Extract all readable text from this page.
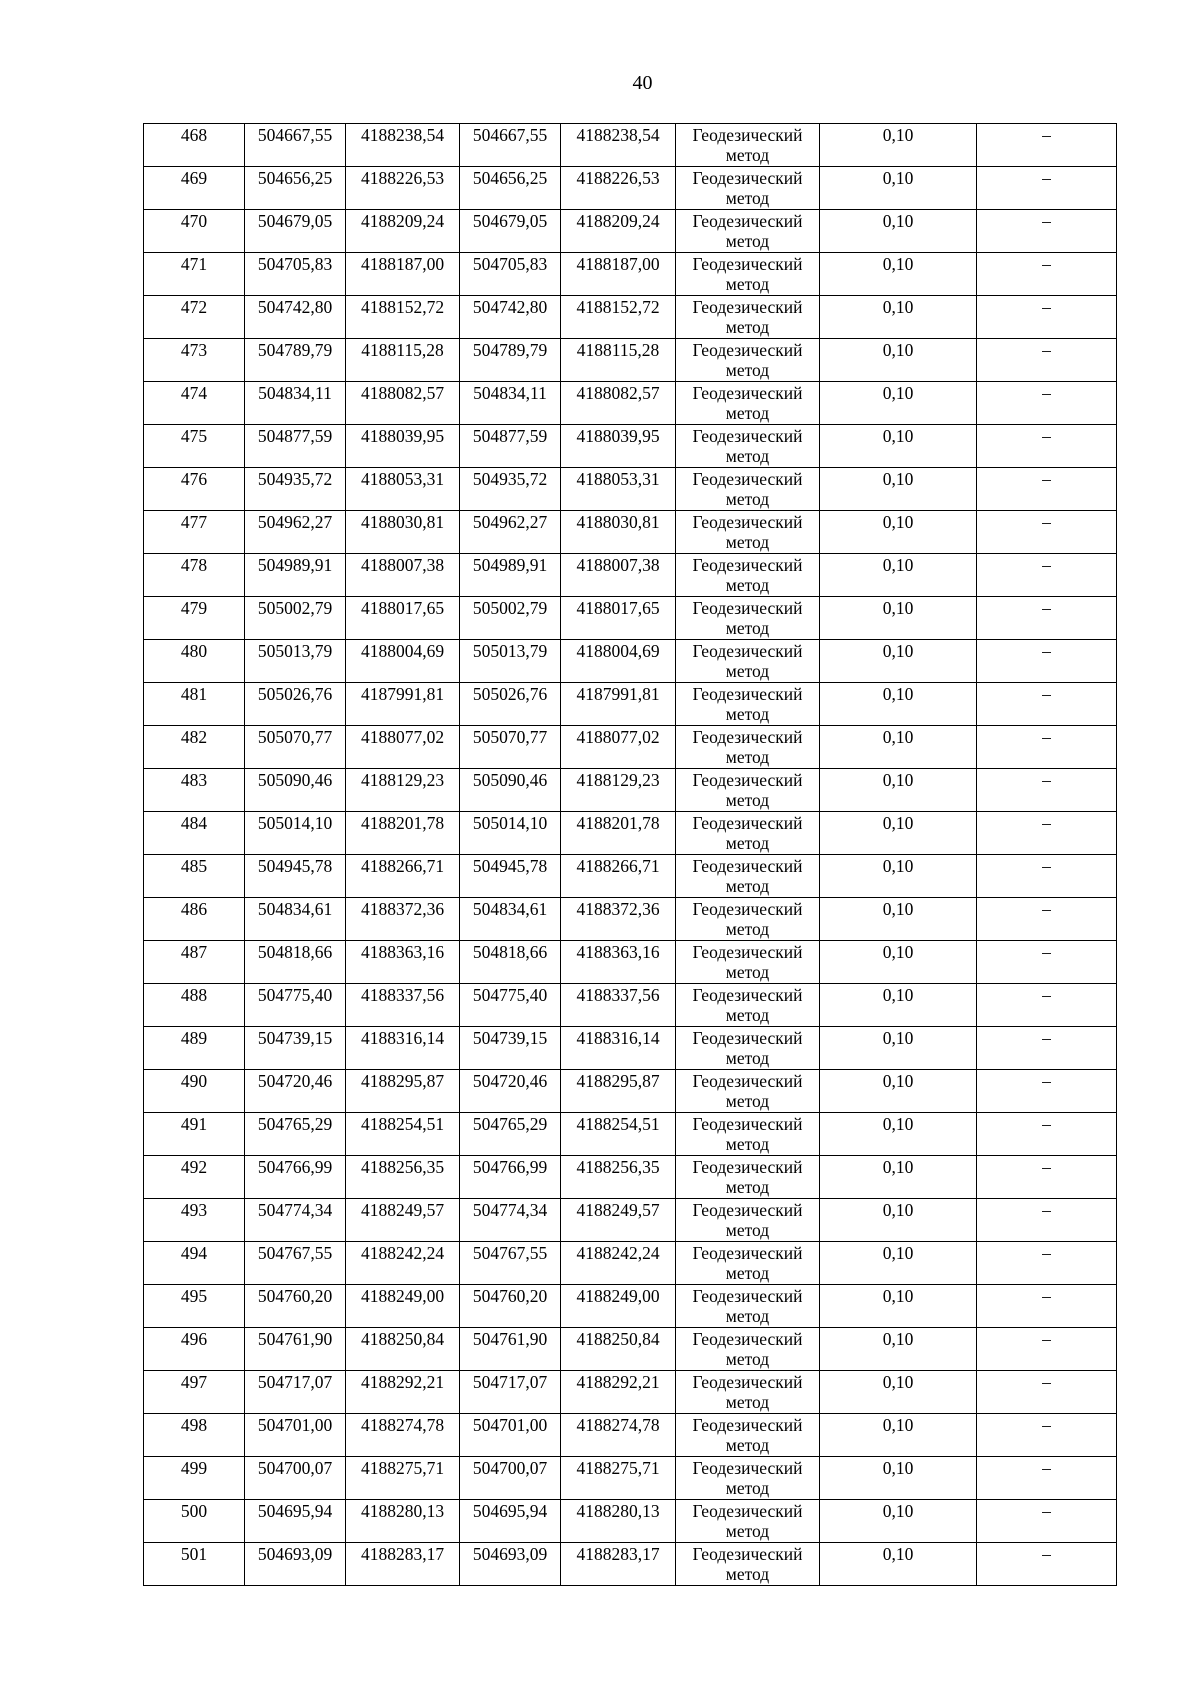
40
468	504667,55	4188238,54	504667,55	4188238,54	Геодезический метод	0,10	–

469	504656,25	4188226,53	504656,25	4188226,53	Геодезический метод	0,10	–

470	504679,05	4188209,24	504679,05	4188209,24	Геодезический метод	0,10	–

471	504705,83	4188187,00	504705,83	4188187,00	Геодезический метод	0,10	–

472	504742,80	4188152,72	504742,80	4188152,72	Геодезический метод	0,10	–

473	504789,79	4188115,28	504789,79	4188115,28	Геодезический метод	0,10	–

474	504834,11	4188082,57	504834,11	4188082,57	Геодезический метод	0,10	–

475	504877,59	4188039,95	504877,59	4188039,95	Геодезический метод	0,10	–

476	504935,72	4188053,31	504935,72	4188053,31	Геодезический метод	0,10	–

477	504962,27	4188030,81	504962,27	4188030,81	Геодезический метод	0,10	–

478	504989,91	4188007,38	504989,91	4188007,38	Геодезический метод	0,10	–

479	505002,79	4188017,65	505002,79	4188017,65	Геодезический метод	0,10	–

480	505013,79	4188004,69	505013,79	4188004,69	Геодезический метод	0,10	–

481	505026,76	4187991,81	505026,76	4187991,81	Геодезический метод	0,10	–

482	505070,77	4188077,02	505070,77	4188077,02	Геодезический метод	0,10	–

483	505090,46	4188129,23	505090,46	4188129,23	Геодезический метод	0,10	–

484	505014,10	4188201,78	505014,10	4188201,78	Геодезический метод	0,10	–

485	504945,78	4188266,71	504945,78	4188266,71	Геодезический метод	0,10	–

486	504834,61	4188372,36	504834,61	4188372,36	Геодезический метод	0,10	–

487	504818,66	4188363,16	504818,66	4188363,16	Геодезический метод	0,10	–

488	504775,40	4188337,56	504775,40	4188337,56	Геодезический метод	0,10	–

489	504739,15	4188316,14	504739,15	4188316,14	Геодезический метод	0,10	–

490	504720,46	4188295,87	504720,46	4188295,87	Геодезический метод	0,10	–

491	504765,29	4188254,51	504765,29	4188254,51	Геодезический метод	0,10	–

492	504766,99	4188256,35	504766,99	4188256,35	Геодезический метод	0,10	–

493	504774,34	4188249,57	504774,34	4188249,57	Геодезический метод	0,10	–

494	504767,55	4188242,24	504767,55	4188242,24	Геодезический метод	0,10	–

495	504760,20	4188249,00	504760,20	4188249,00	Геодезический метод	0,10	–

496	504761,90	4188250,84	504761,90	4188250,84	Геодезический метод	0,10	–

497	504717,07	4188292,21	504717,07	4188292,21	Геодезический метод	0,10	–

498	504701,00	4188274,78	504701,00	4188274,78	Геодезический метод	0,10	–

499	504700,07	4188275,71	504700,07	4188275,71	Геодезический метод	0,10	–

500	504695,94	4188280,13	504695,94	4188280,13	Геодезический метод	0,10	–

501	504693,09	4188283,17	504693,09	4188283,17	Геодезический метод	0,10	–
